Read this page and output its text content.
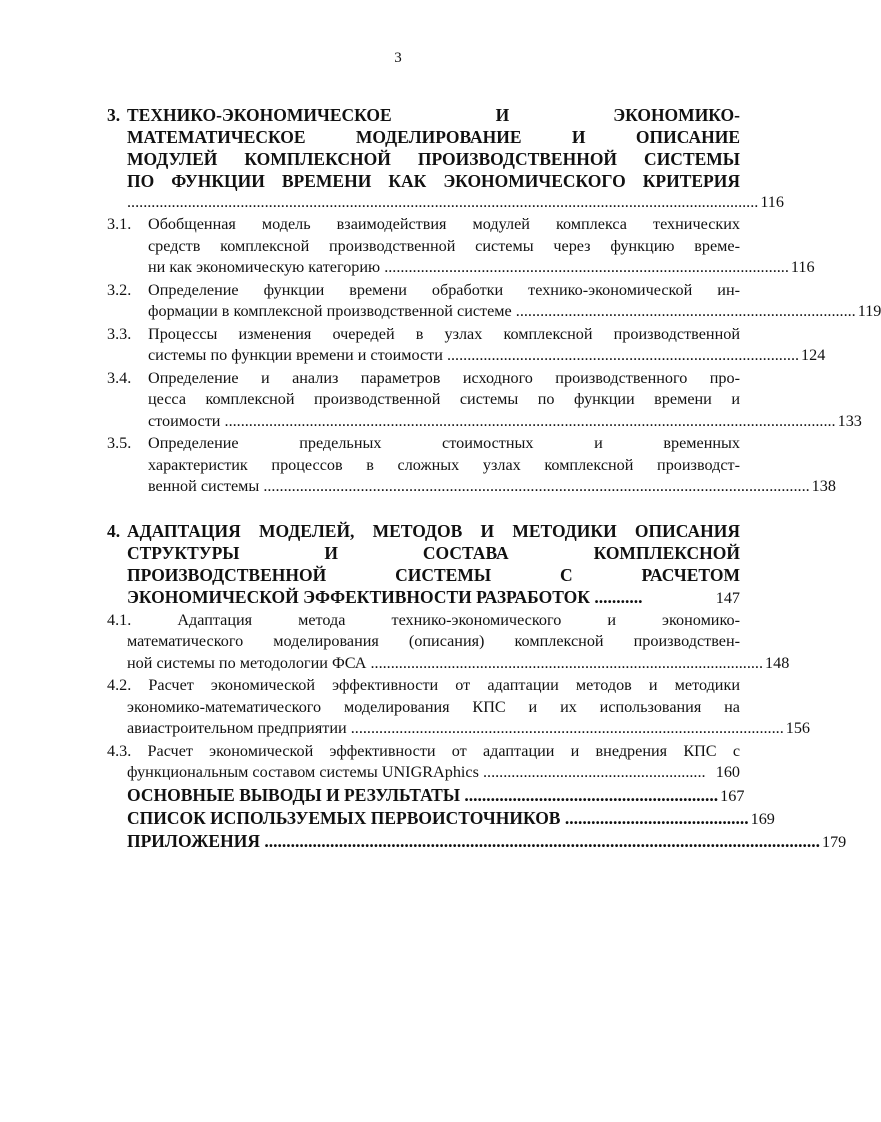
3
3. ТЕХНИКО-ЭКОНОМИЧЕСКОЕ И ЭКОНОМИКО-
МАТЕМАТИЧЕСКОЕ МОДЕЛИРОВАНИЕ И ОПИСАНИЕ
МОДУЛЕЙ КОМПЛЕКСНОЙ ПРОИЗВОДСТВЕННОЙ СИСТЕМЫ
ПО ФУНКЦИИ ВРЕМЕНИ КАК ЭКОНОМИЧЕСКОГО КРИТЕРИЯ
............................................................................................................................................................ 116
3.1. Обобщенная модель взаимодействия модулей комплекса технических
средств комплексной производственной системы через функцию време-
ни как экономическую категорию
.................................................................................................... 116
3.2. Определение функции времени обработки технико-экономической ин-
формации в комплексной производственной системе
.................................................................................... 119
3.3. Процессы изменения очередей в узлах комплексной производственной
системы по функции времени и стоимости
....................................................................................... 124
3.4. Определение и анализ параметров исходного производственного про-
цесса комплексной производственной системы по функции времени и
стоимости
....................................................................................................................................................... 133
3.5. Определение предельных стоимостных и временных
характеристик процессов в сложных узлах комплексной производст-
венной системы
....................................................................................................................................... 138
4. АДАПТАЦИЯ МОДЕЛЕЙ, МЕТОДОВ И МЕТОДИКИ ОПИСАНИЯ
СТРУКТУРЫ И СОСТАВА КОМПЛЕКСНОЙ
ПРОИЗВОДСТВЕННОЙ СИСТЕМЫ С РАСЧЕТОМ
ЭКОНОМИЧЕСКОЙ ЭФФЕКТИВНОСТИ РАЗРАБОТОК
...........	147
4.1.	Адаптация метода технико-экономического и экономико-
математического моделирования (описания) комплексной производствен-
ной системы по методологии ФСА
................................................................................................. 148
4.2. Расчет экономической эффективности от адаптации методов и методики
экономико-математического моделирования КПС и их использования на
авиастроительном предприятии
........................................................................................................... 156
4.3. Расчет экономической эффективности от адаптации и внедрения КПС с
функциональным составом системы UNIGRAphics
....................................................... 160
ОСНОВНЫЕ ВЫВОДЫ И РЕЗУЛЬТАТЫ
.......................................................... 167
СПИСОК ИСПОЛЬЗУЕМЫХ ПЕРВОИСТОЧНИКОВ
.......................................... 169
ПРИЛОЖЕНИЯ
............................................................................................................................... 179
